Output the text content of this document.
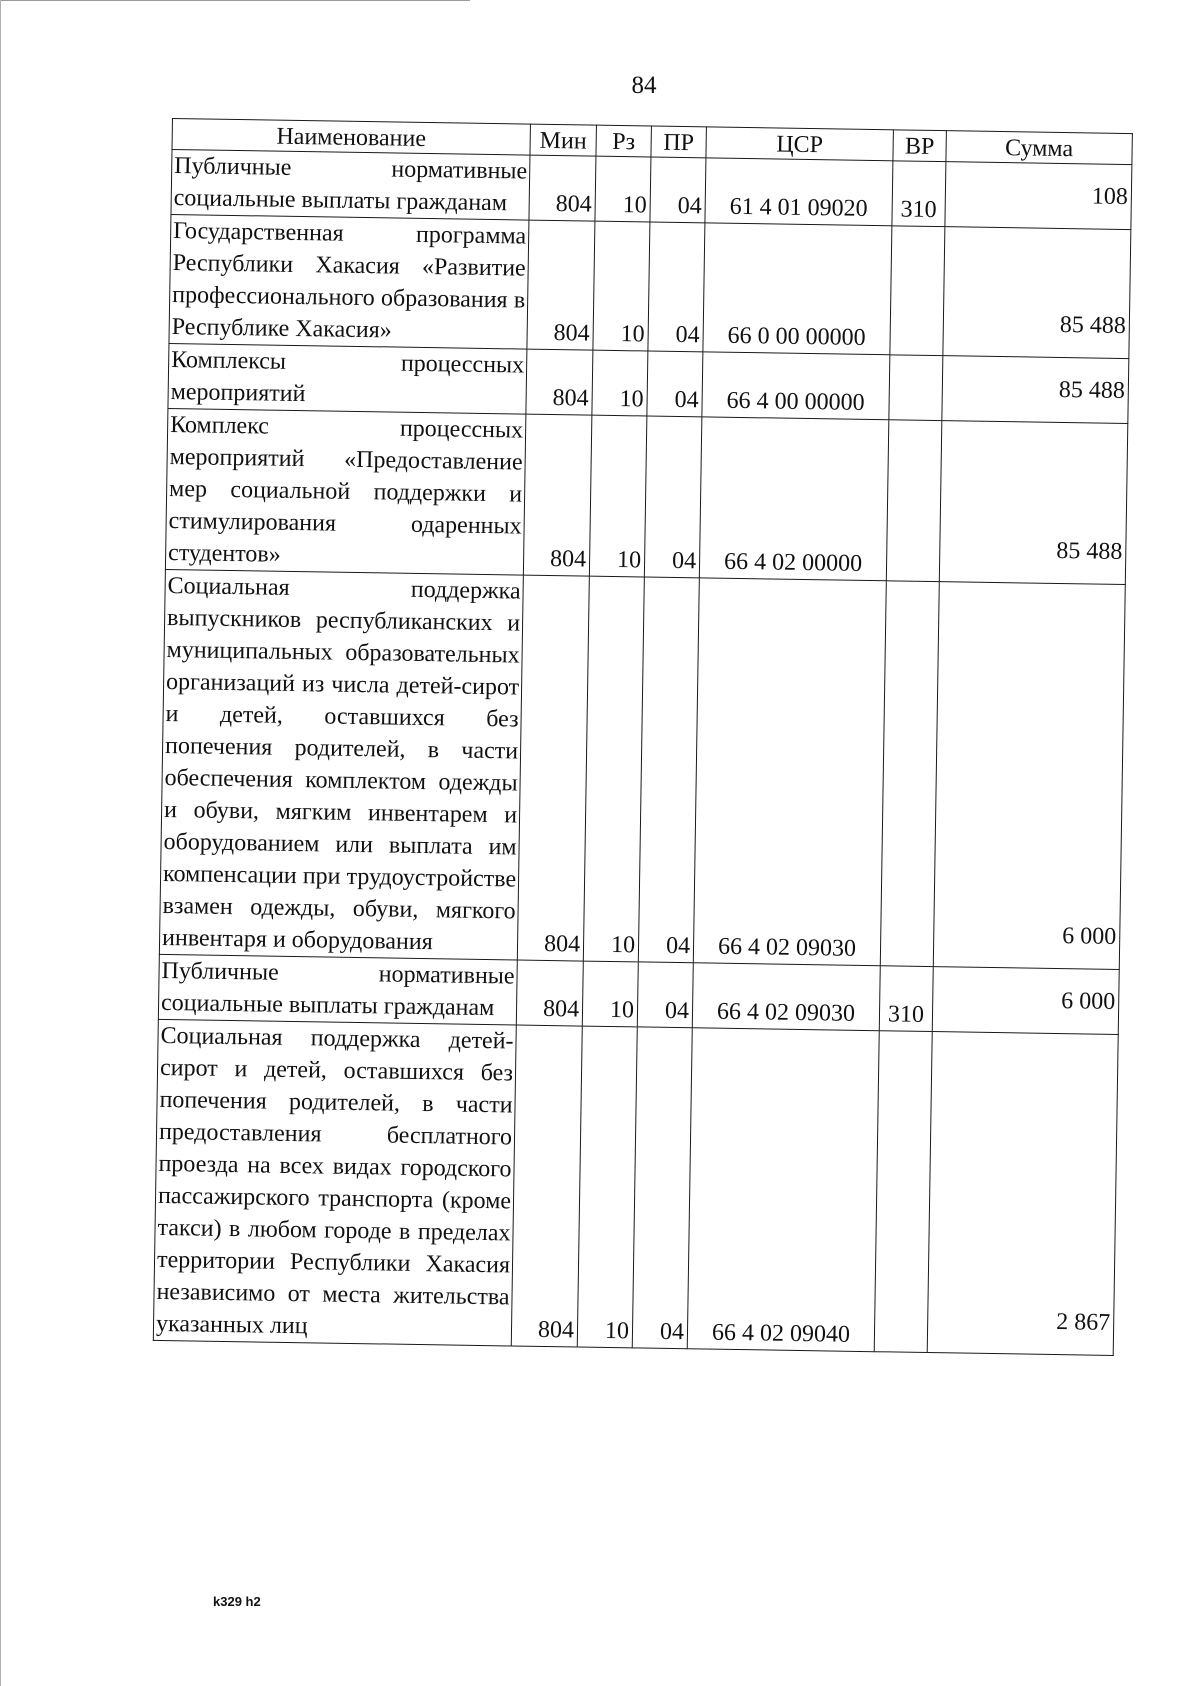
84
Наименование	Мин	Рз	ПР	ЦСР	ВР	Сумма
Публичные нормативные социальные выплаты гражданам	804	10	04	61 4 01 09020	310	108
Государственная программа Республики Хакасия «Развитие профессионального образования в Республике Хакасия»	804	10	04	66 0 00 00000		85 488
Комплексы процессных мероприятий	804	10	04	66 4 00 00000		85 488
Комплекс процессных мероприятий «Предоставление мер социальной поддержки и стимулирования одаренных студентов»	804	10	04	66 4 02 00000		85 488
Социальная поддержка выпускников республиканских и муниципальных образовательных организаций из числа детей-сирот и детей, оставшихся без попечения родителей, в части обеспечения комплектом одежды и обуви, мягким инвентарем и оборудованием или выплата им компенсации при трудоустройстве взамен одежды, обуви, мягкого инвентаря и оборудования	804	10	04	66 4 02 09030		6 000
Публичные нормативные социальные выплаты гражданам	804	10	04	66 4 02 09030	310	6 000
Социальная поддержка детей-сирот и детей, оставшихся без попечения родителей, в части предоставления бесплатного проезда на всех видах городского пассажирского транспорта (кроме такси) в любом городе в пределах территории Республики Хакасия независимо от места жительства указанных лиц	804	10	04	66 4 02 09040		2 867
k329 h2
